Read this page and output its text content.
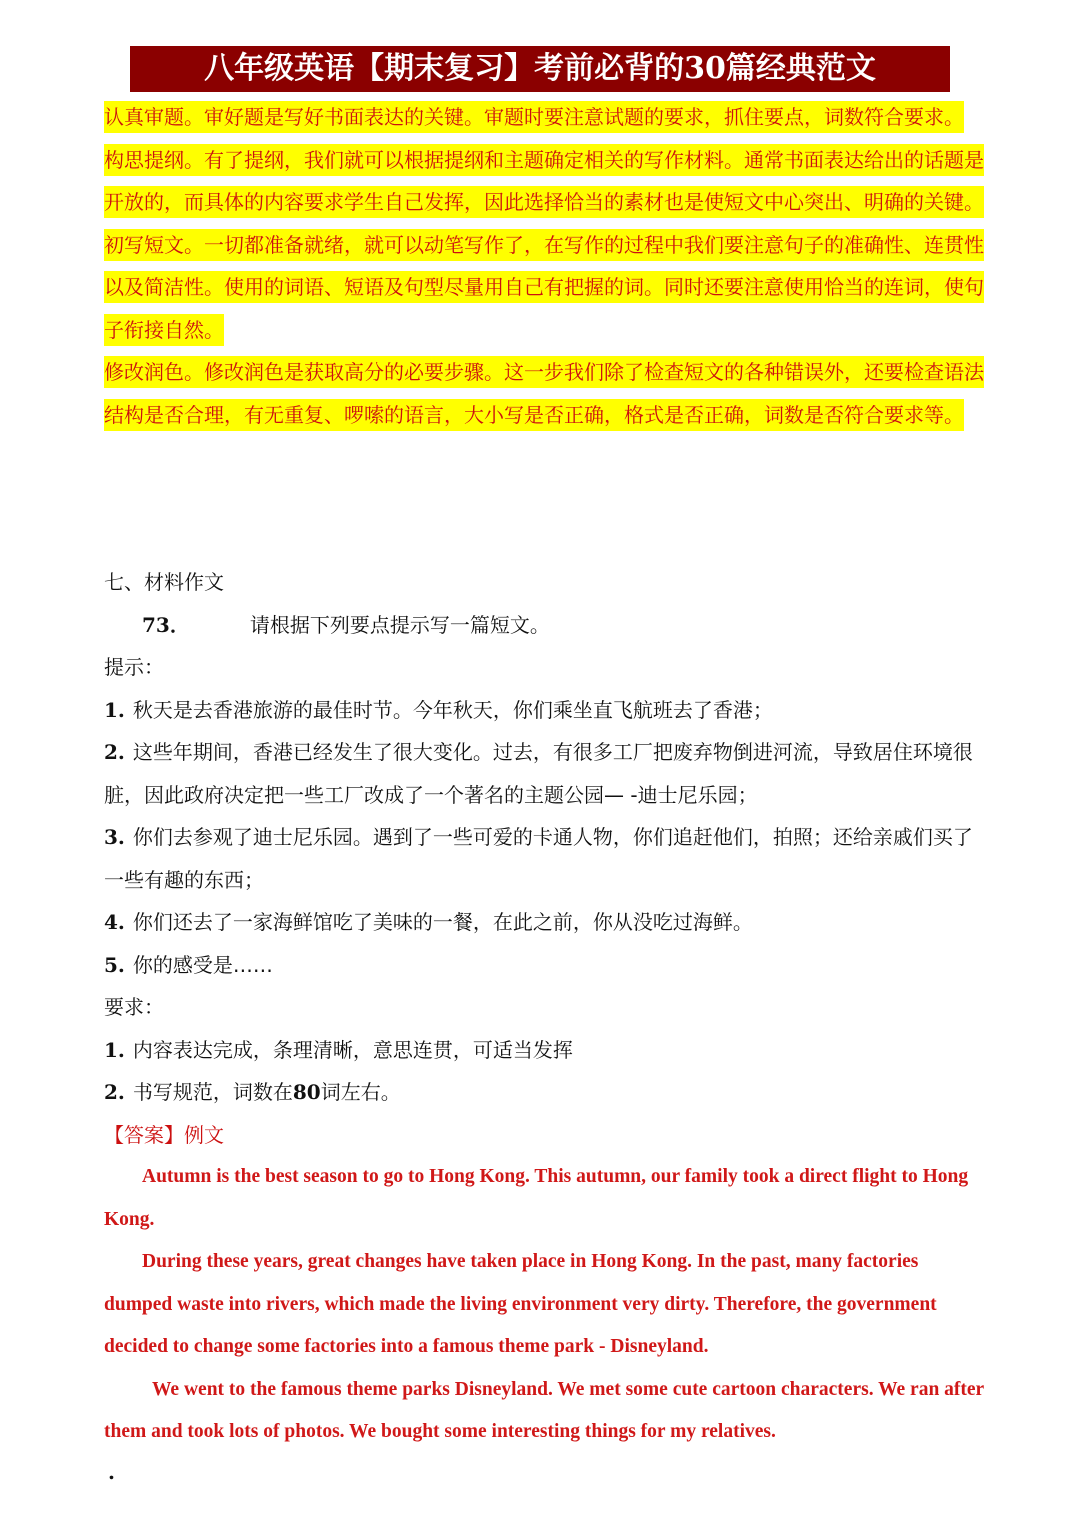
八年级英语【期末复习】考前必背的30篇经典范文

认真审题。审好题是写好书面表达的关键。审题时要注意试题的要求，抓住要点，词数符合要求。

构思提纲。有了提纲，我们就可以根据提纲和主题确定相关的写作材料。通常书面表达给出的话题是开放的，而具体的内容要求学生自己发挥，因此选择恰当的素材也是使短文中心突出、明确的关键。

初写短文。一切都准备就绪，就可以动笔写作了，在写作的过程中我们要注意句子的准确性、连贯性以及简洁性。使用的词语、短语及句型尽量用自己有把握的词。同时还要注意使用恰当的连词，使句子衔接自然。

修改润色。修改润色是获取高分的必要步骤。这一步我们除了检查短文的各种错误外，还要检查语法结构是否合理，有无重复、啰嗦的语言，大小写是否正确，格式是否正确，词数是否符合要求等。

七、材料作文

73．	请根据下列要点提示写一篇短文。

提示：

1. 秋天是去香港旅游的最佳时节。今年秋天，你们乘坐直飞航班去了香港；

2. 这些年期间，香港已经发生了很大变化。过去，有很多工厂把废弃物倒进河流，导致居住环境很脏，因此政府决定把一些工厂改成了一个著名的主题公园— -迪士尼乐园；

3. 你们去参观了迪士尼乐园。遇到了一些可爱的卡通人物，你们追赶他们，拍照；还给亲戚们买了一些有趣的东西；

4. 你们还去了一家海鲜馆吃了美味的一餐，在此之前，你从没吃过海鲜。

5. 你的感受是……

要求：

1. 内容表达完成，条理清晰，意思连贯，可适当发挥

2. 书写规范，词数在80词左右。

【答案】例文

Autumn is the best season to go to Hong Kong. This autumn, our family took a direct flight to Hong Kong.

During these years, great changes have taken place in Hong Kong. In the past, many factories dumped waste into rivers, which made the living environment very dirty. Therefore, the government decided to change some factories into a famous theme park - Disneyland.

We went to the famous theme parks Disneyland. We met some cute cartoon characters. We ran after them and took lots of photos. We bought some interesting things for my relatives.

.
